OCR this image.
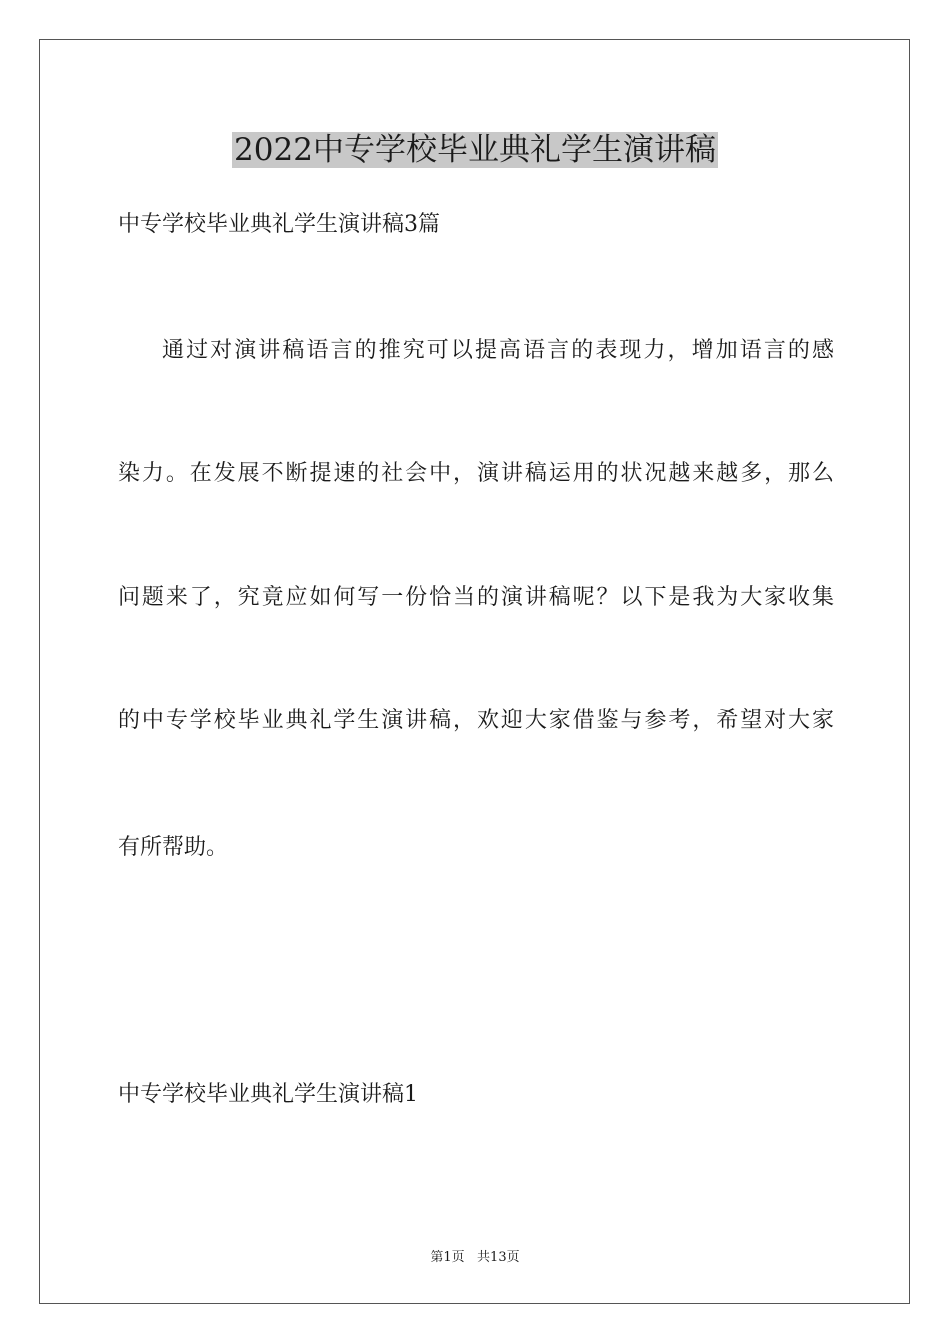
2022中专学校毕业典礼学生演讲稿

中专学校毕业典礼学生演讲稿3篇

通过对演讲稿语言的推究可以提高语言的表现力，增加语言的感

染力。在发展不断提速的社会中，演讲稿运用的状况越来越多，那么

问题来了，究竟应如何写一份恰当的演讲稿呢？以下是我为大家收集

的中专学校毕业典礼学生演讲稿，欢迎大家借鉴与参考，希望对大家

有所帮助。

中专学校毕业典礼学生演讲稿1

第1页   共13页
